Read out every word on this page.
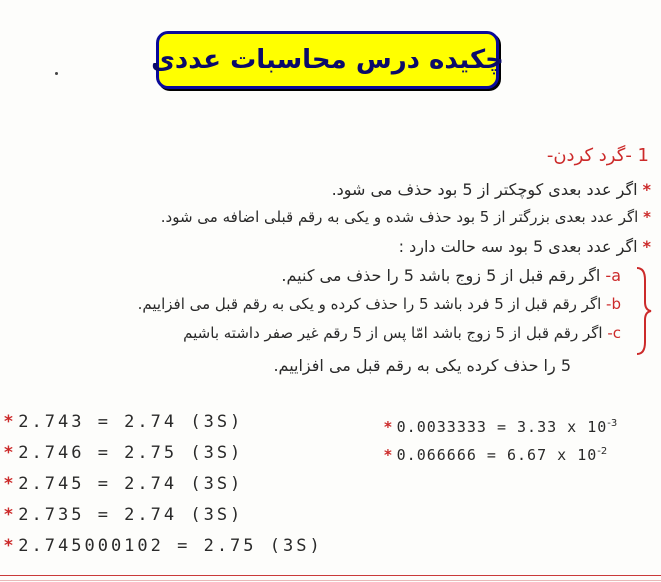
چکیده درس محاسبات عددی
1 -گرد کردن-
* اگر عدد بعدی کوچکتر از 5 بود حذف می شود.
* اگر عدد بعدی بزرگتر از 5 بود حذف شده و یکی به رقم قبلی اضافه می شود.
* اگر عدد بعدی 5 بود سه حالت دارد :
a- اگر رقم قبل از 5 زوج باشد 5 را حذف می کنیم.
b- اگر رقم قبل از 5 فرد باشد 5 را حذف کرده و یکی به رقم قبل می افزاییم.
c- اگر رقم قبل از 5 زوج باشد امّا پس از 5 رقم غیر صفر داشته باشیم
5 را حذف کرده یکی به رقم قبل می افزاییم.
* 2.743 = 2.74 (3S)
* 2.746 = 2.75 (3S)
* 2.745 = 2.74 (3S)
* 2.735 = 2.74 (3S)
* 2.745000102 = 2.75 (3S)
* 0.0033333 = 3.33 x $10^{-3}$
* 0.066666 = 6.67 x $10^{-2}$
